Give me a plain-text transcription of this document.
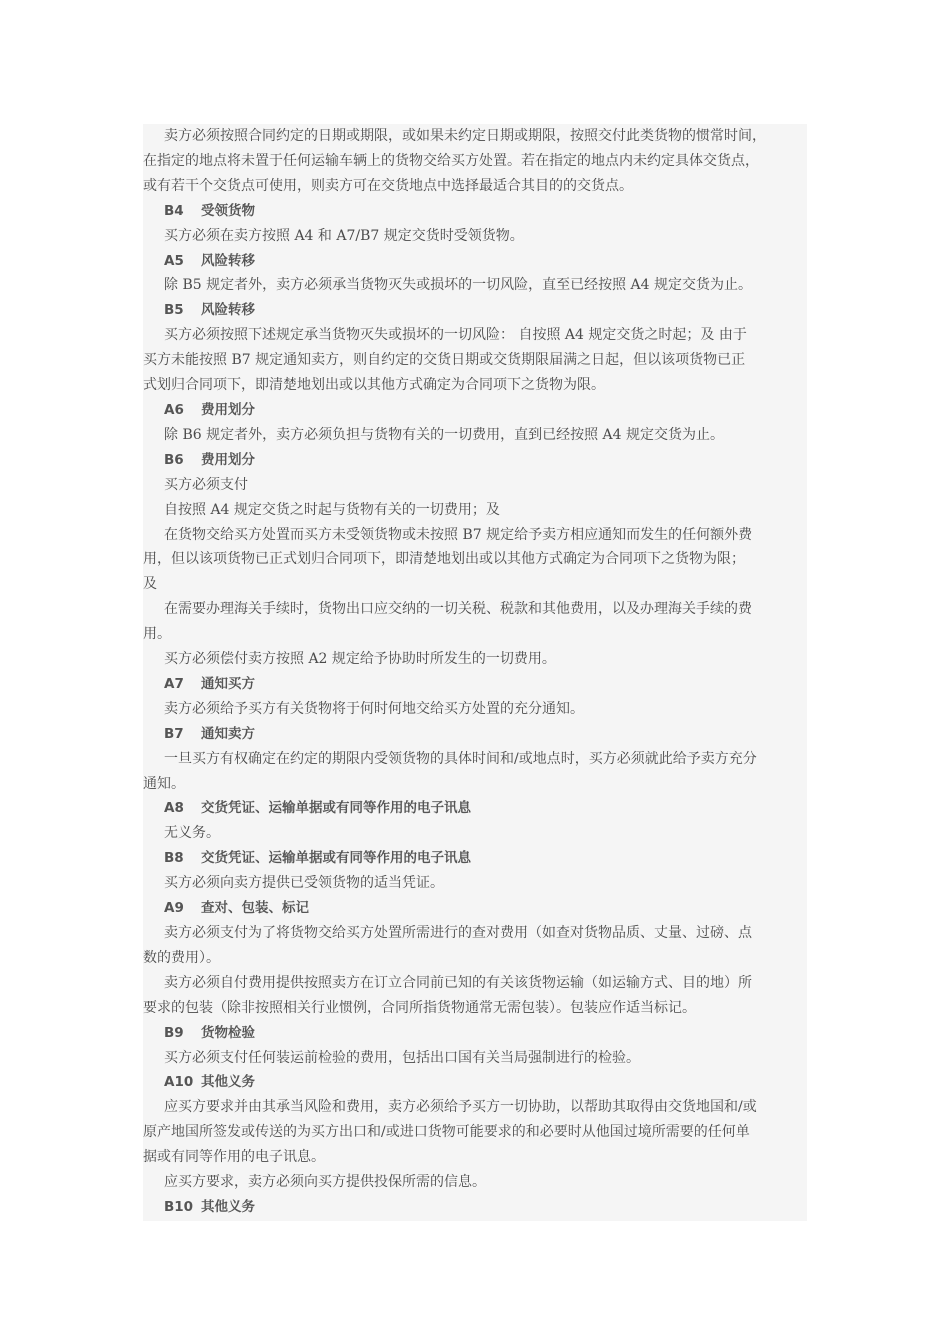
卖方必须按照合同约定的日期或期限，或如果未约定日期或期限，按照交付此类货物的惯常时间，
在指定的地点将未置于任何运输车辆上的货物交给买方处置。若在指定的地点内未约定具体交货点，
或有若干个交货点可使用，则卖方可在交货地点中选择最适合其目的的交货点。
B4 受领货物
买方必须在卖方按照 A4 和 A7/B7 规定交货时受领货物。
A5 风险转移
除 B5 规定者外，卖方必须承当货物灭失或损坏的一切风险，直至已经按照 A4 规定交货为止。
B5 风险转移
买方必须按照下述规定承当货物灭失或损坏的一切风险： 自按照 A4 规定交货之时起；及 由于
买方未能按照 B7 规定通知卖方，则自约定的交货日期或交货期限届满之日起，但以该项货物已正
式划归合同项下，即清楚地划出或以其他方式确定为合同项下之货物为限。
A6 费用划分
除 B6 规定者外，卖方必须负担与货物有关的一切费用，直到已经按照 A4 规定交货为止。
B6 费用划分
买方必须支付
自按照 A4 规定交货之时起与货物有关的一切费用；及
在货物交给买方处置而买方未受领货物或未按照 B7 规定给予卖方相应通知而发生的任何额外费
用，但以该项货物已正式划归合同项下，即清楚地划出或以其他方式确定为合同项下之货物为限；
及
在需要办理海关手续时，货物出口应交纳的一切关税、税款和其他费用，以及办理海关手续的费
用。
买方必须偿付卖方按照 A2 规定给予协助时所发生的一切费用。
A7 通知买方
卖方必须给予买方有关货物将于何时何地交给买方处置的充分通知。
B7 通知卖方
一旦买方有权确定在约定的期限内受领货物的具体时间和/或地点时，买方必须就此给予卖方充分
通知。
A8 交货凭证、运输单据或有同等作用的电子讯息
无义务。
B8 交货凭证、运输单据或有同等作用的电子讯息
买方必须向卖方提供已受领货物的适当凭证。
A9 查对、包装、标记
卖方必须支付为了将货物交给买方处置所需进行的查对费用（如查对货物品质、丈量、过磅、点
数的费用）。
卖方必须自付费用提供按照卖方在订立合同前已知的有关该货物运输（如运输方式、目的地）所
要求的包装（除非按照相关行业惯例，合同所指货物通常无需包装）。包装应作适当标记。
B9 货物检验
买方必须支付任何装运前检验的费用，包括出口国有关当局强制进行的检验。
A10 其他义务
应买方要求并由其承当风险和费用，卖方必须给予买方一切协助，以帮助其取得由交货地国和/或
原产地国所签发或传送的为买方出口和/或进口货物可能要求的和必要时从他国过境所需要的任何单
据或有同等作用的电子讯息。
应买方要求，卖方必须向买方提供投保所需的信息。
B10 其他义务
